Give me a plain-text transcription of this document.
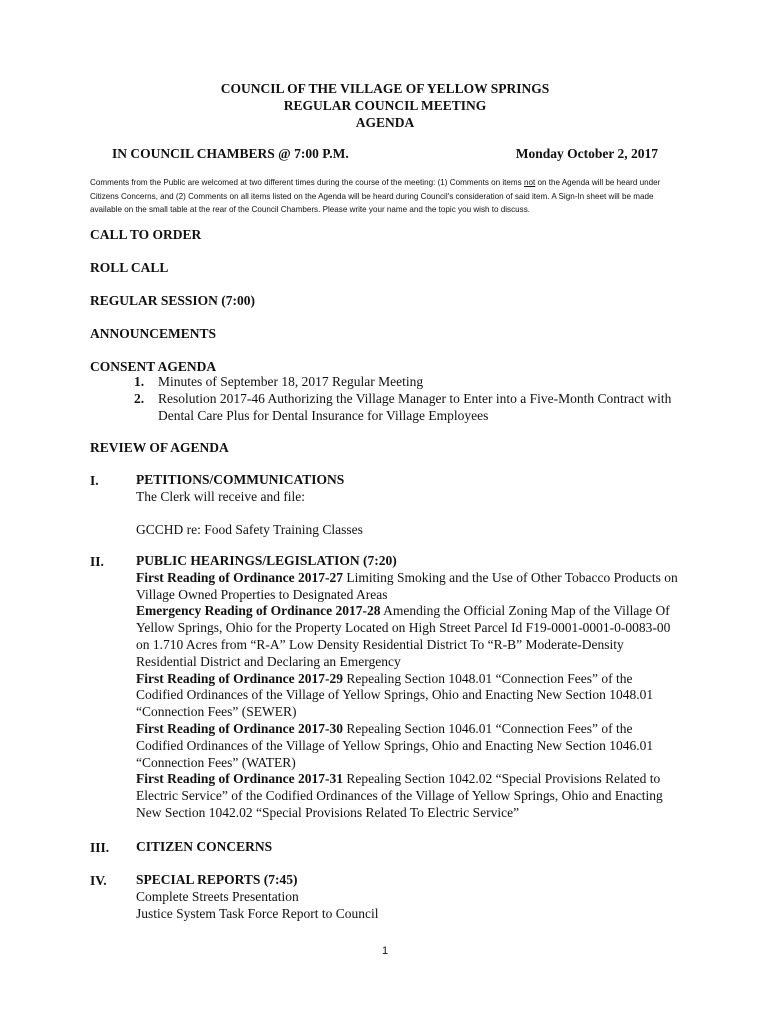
COUNCIL OF THE VILLAGE OF YELLOW SPRINGS
REGULAR COUNCIL MEETING
AGENDA
IN COUNCIL CHAMBERS @ 7:00 P.M.	Monday October 2, 2017
Comments from the Public are welcomed at two different times during the course of the meeting: (1) Comments on items not on the Agenda will be heard under Citizens Concerns, and (2) Comments on all items listed on the Agenda will be heard during Council's consideration of said item. A Sign-In sheet will be made available on the small table at the rear of the Council Chambers. Please write your name and the topic you wish to discuss.
CALL TO ORDER
ROLL CALL
REGULAR SESSION (7:00)
ANNOUNCEMENTS
CONSENT AGENDA
1. Minutes of September 18, 2017 Regular Meeting
2. Resolution 2017-46 Authorizing the Village Manager to Enter into a Five-Month Contract with Dental Care Plus for Dental Insurance for Village Employees
REVIEW OF AGENDA
I.	PETITIONS/COMMUNICATIONS
The Clerk will receive and file:
GCCHD re: Food Safety Training Classes
II. PUBLIC HEARINGS/LEGISLATION (7:20)
First Reading of Ordinance 2017-27 Limiting Smoking and the Use of Other Tobacco Products on Village Owned Properties to Designated Areas
Emergency Reading of Ordinance 2017-28 Amending the Official Zoning Map of the Village Of Yellow Springs, Ohio for the Property Located on High Street Parcel Id F19-0001-0001-0-0083-00 on 1.710 Acres from “R-A” Low Density Residential District To “R-B” Moderate-Density Residential District and Declaring an Emergency
First Reading of Ordinance 2017-29 Repealing Section 1048.01 “Connection Fees” of the Codified Ordinances of the Village of Yellow Springs, Ohio and Enacting New Section 1048.01 “Connection Fees” (SEWER)
First Reading of Ordinance 2017-30 Repealing Section 1046.01 “Connection Fees” of the Codified Ordinances of the Village of Yellow Springs, Ohio and Enacting New Section 1046.01 “Connection Fees” (WATER)
First Reading of Ordinance 2017-31 Repealing Section 1042.02 “Special Provisions Related to Electric Service” of the Codified Ordinances of the Village of Yellow Springs, Ohio and Enacting New Section 1042.02 “Special Provisions Related To Electric Service”
III. CITIZEN CONCERNS
IV. SPECIAL REPORTS (7:45)
Complete Streets Presentation
Justice System Task Force Report to Council
1
